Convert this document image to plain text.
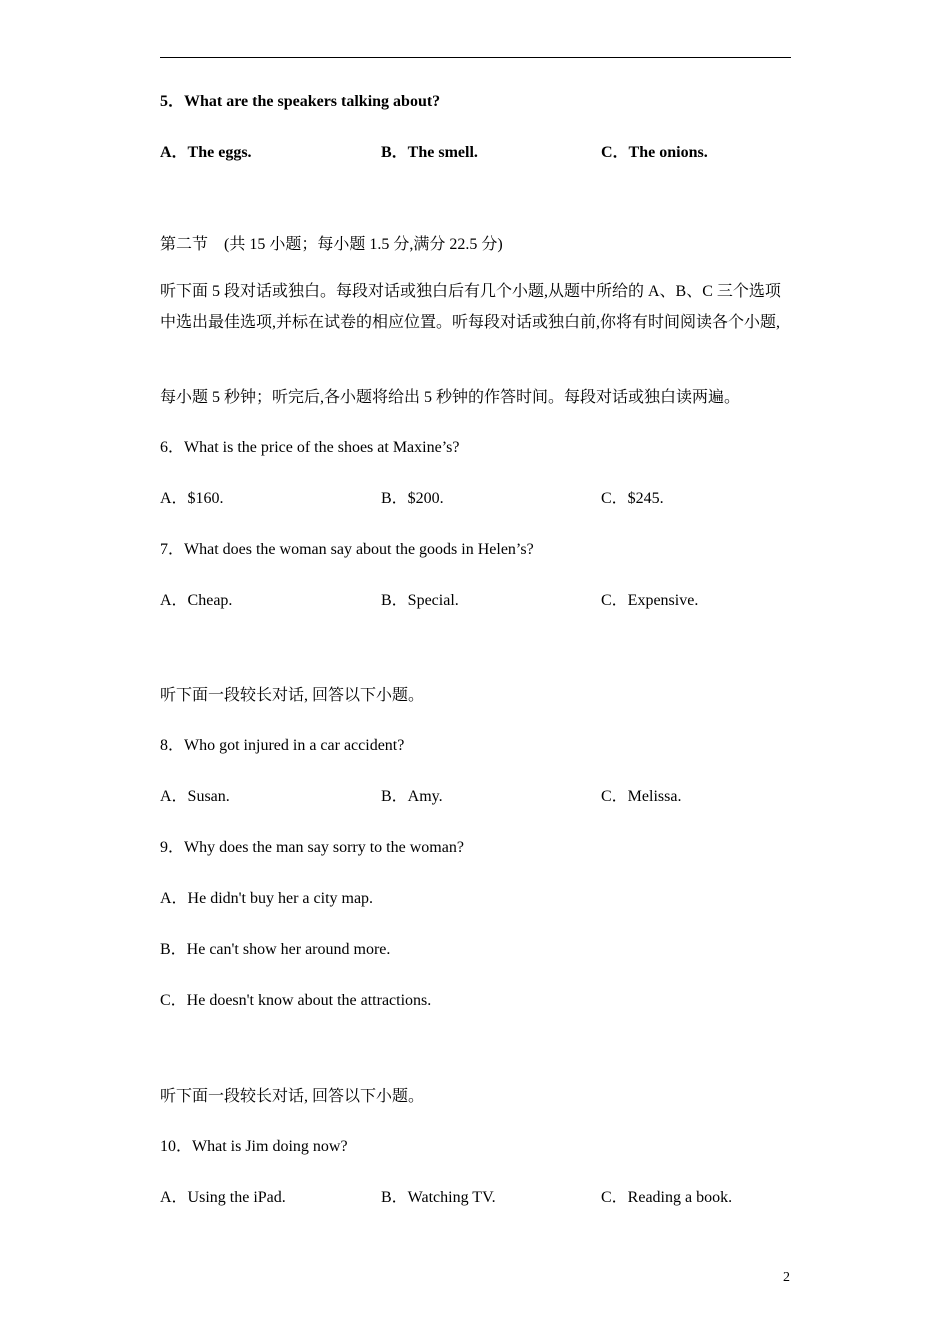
5．What are the speakers talking about?
A．The eggs.	B．The smell.	C．The onions.
第二节　(共 15 小题；每小题 1.5 分,满分 22.5 分)
听下面 5 段对话或独白。每段对话或独白后有几个小题,从题中所给的 A、B、C 三个选项中选出最佳选项,并标在试卷的相应位置。听每段对话或独白前,你将有时间阅读各个小题,
每小题 5 秒钟；听完后,各小题将给出 5 秒钟的作答时间。每段对话或独白读两遍。
6．What is the price of the shoes at Maxine’s?
A．$160.	B．$200.	C．$245.
7．What does the woman say about the goods in Helen’s?
A．Cheap.	B．Special.	C．Expensive.
听下面一段较长对话, 回答以下小题。
8．Who got injured in a car accident?
A．Susan.	B．Amy.	C．Melissa.
9．Why does the man say sorry to the woman?
A．He didn't buy her a city map.
B．He can't show her around more.
C．He doesn't know about the attractions.
听下面一段较长对话, 回答以下小题。
10．What is Jim doing now?
A．Using the iPad.	B．Watching TV.	C．Reading a book.
2
